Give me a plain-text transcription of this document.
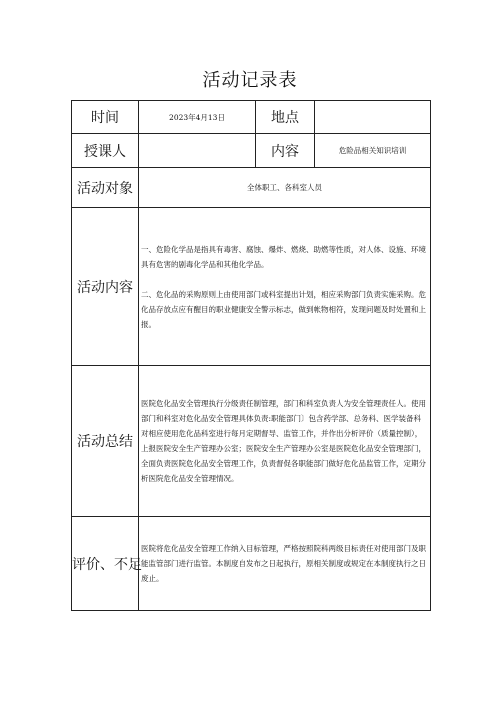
活动记录表
时间	2023年4月13日	地点	
授课人		内容	危险品相关知识培训
活动对象	全体职工、各科室人员		
活动内容	一、危险化学品是指具有毒害、腐蚀、爆炸、燃烧、助燃等性质，对人体、设施、环境具有危害的剧毒化学品和其他化学品。

二、危化品的采购原则上由使用部门或科室提出计划，相应采购部门负责实施采购。危化品存放点应有醒目的职业健康安全警示标志，做到帐物相符，发现问题及时处置和上报。		

活动总结	医院危化品安全管理执行分级责任制管理，部门和科室负责人为安全管理责任人。使用部门和科室对危化品安全管理具体负责:职能部门〕包含药学部、总务科、医学装备科对相应使用危化品科室进行每月定期督导、监管工作，并作出分析评价（质量控制），上报医院安全生产管理办公室；医院安全生产管理办公室是医院危化品安全管理部门，全面负责医院危化品安全管理工作，负责督促各职能部门做好危化品监管工作，定期分析医院危化品安全管理情况。		
评价、不足	医院将危化品安全管理工作纳入目标管理，严格按照院科两级目标责任对使用部门及职能监管部门进行监管。本制度自发布之日起执行，原相关制度或规定在本制度执行之日废止。		
